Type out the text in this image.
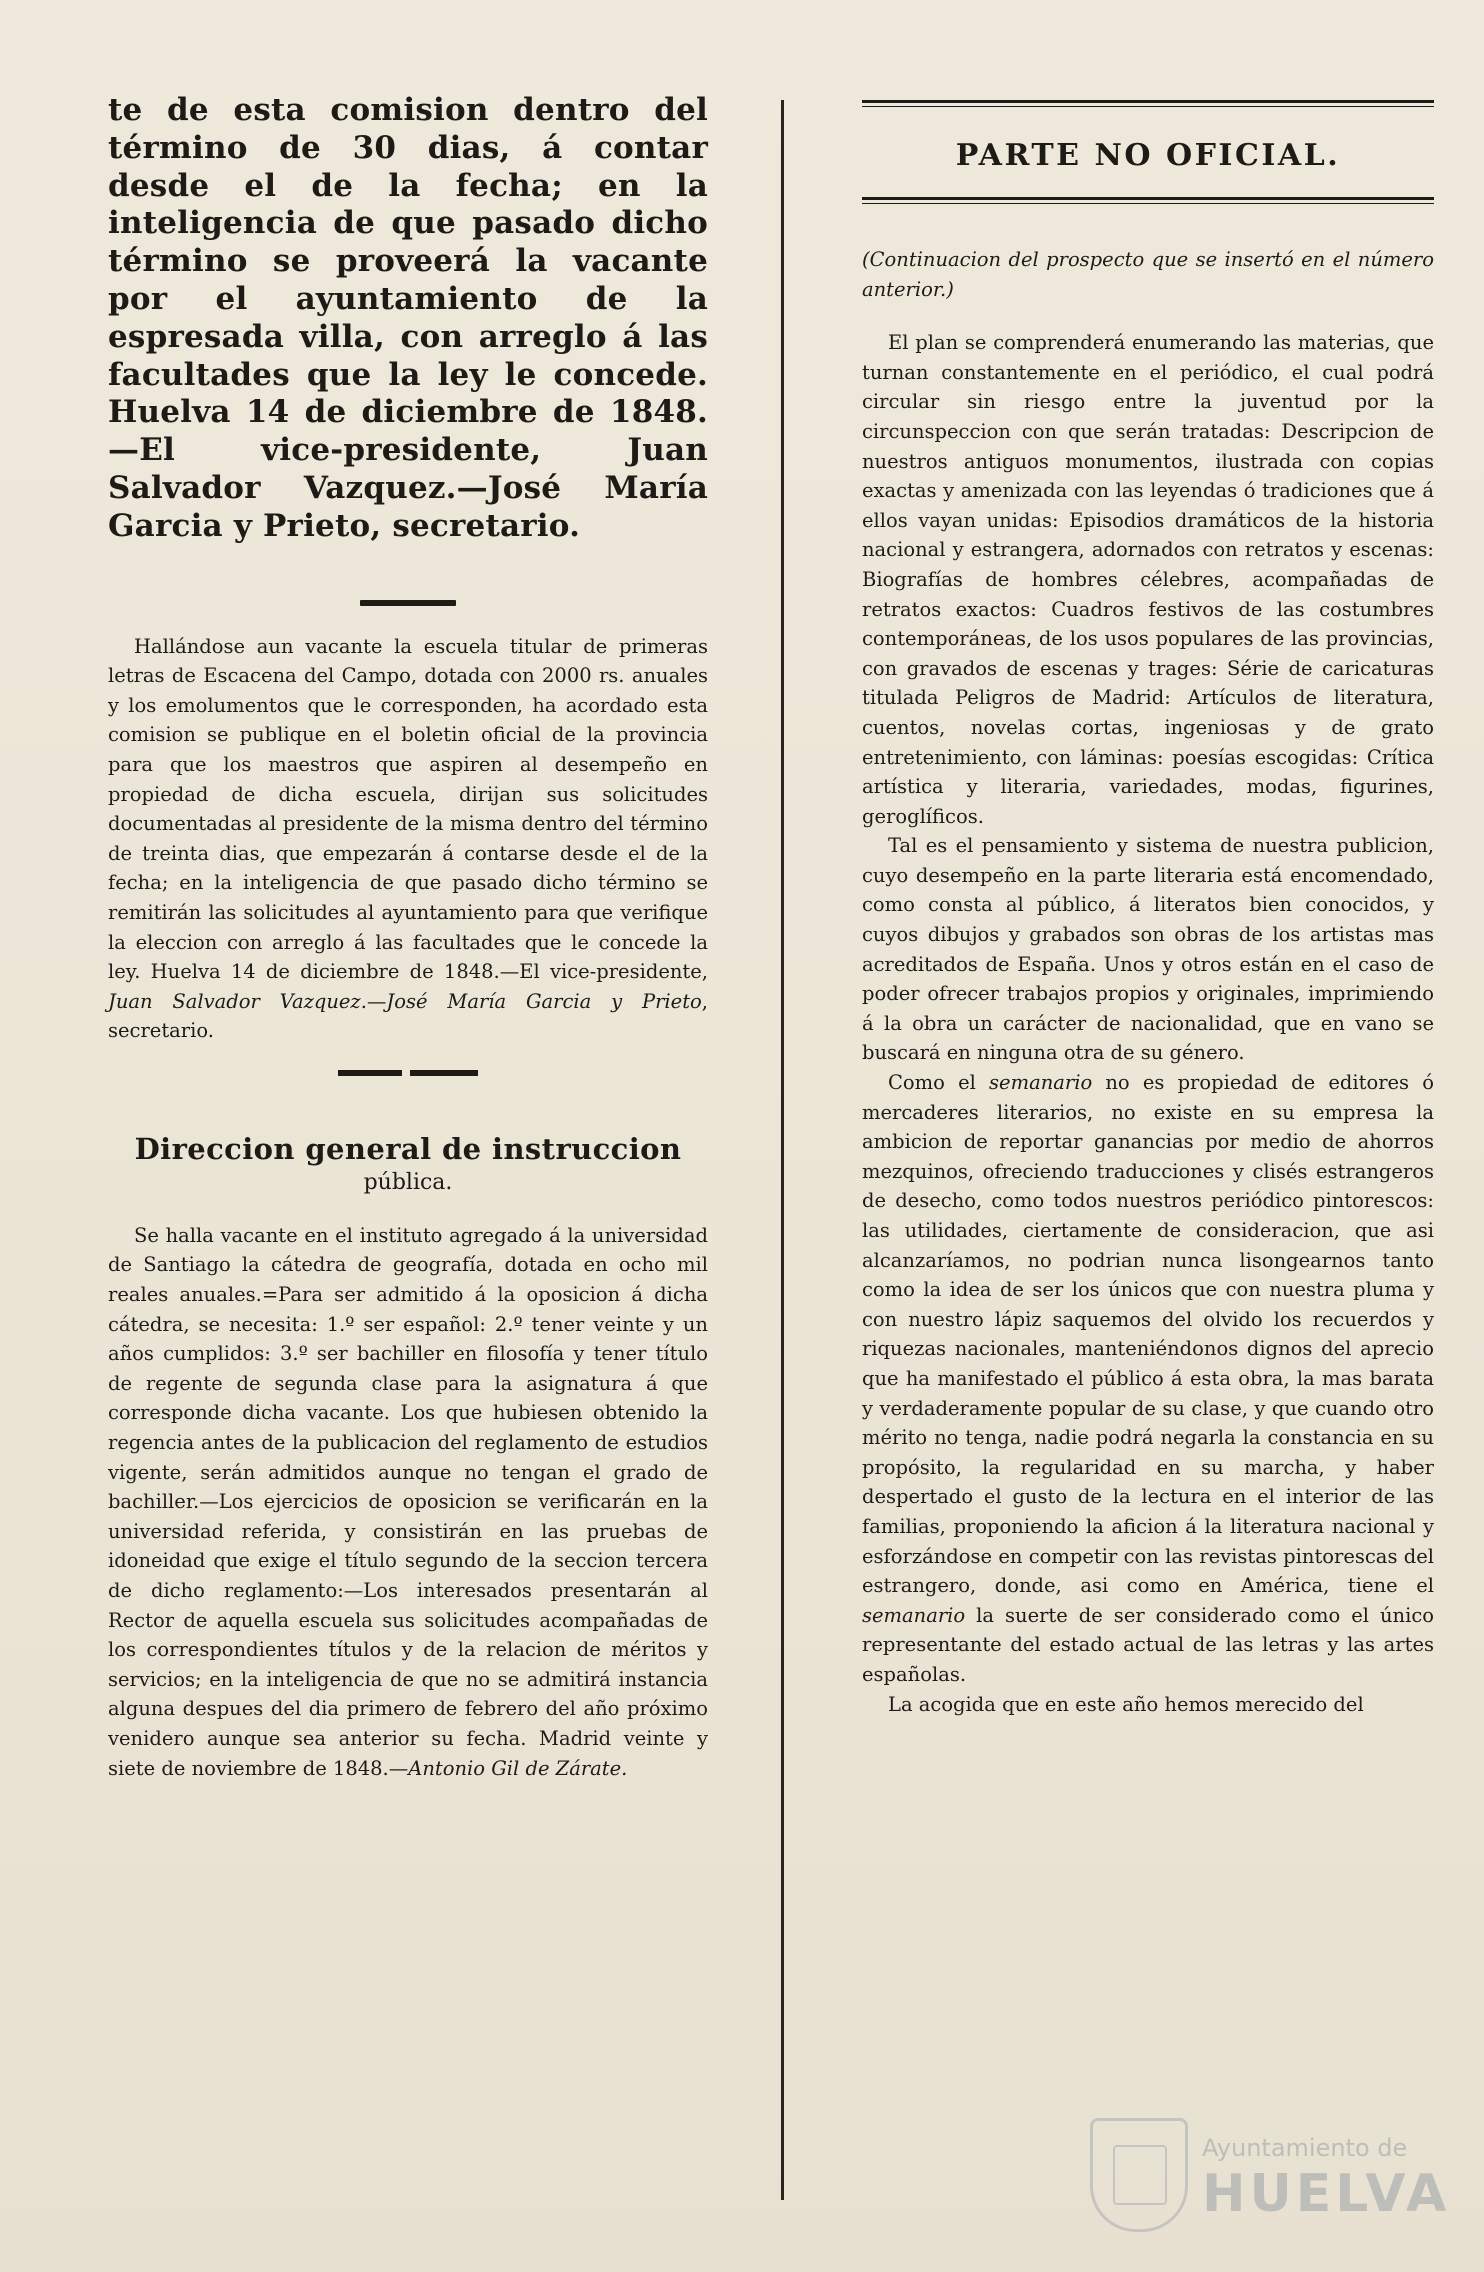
te de esta comision dentro del término de 30 dias, á contar desde el de la fecha; en la inteligencia de que pasado dicho término se proveerá la vacante por el ayuntamiento de la espresada villa, con arreglo á las facultades que la ley le concede. Huelva 14 de diciembre de 1848. —El vice-presidente, Juan Salvador Vazquez.—José María Garcia y Prieto, secretario.

Hallándose aun vacante la escuela titular de primeras letras de Escacena del Campo, dotada con 2000 rs. anuales y los emolumentos que le corresponden, ha acordado esta comision se publique en el boletin oficial de la provincia para que los maestros que aspiren al desempeño en propiedad de dicha escuela, dirijan sus solicitudes documentadas al presidente de la misma dentro del término de treinta dias, que empezarán á contarse desde el de la fecha; en la inteligencia de que pasado dicho término se remitirán las solicitudes al ayuntamiento para que verifique la eleccion con arreglo á las facultades que le concede la ley. Huelva 14 de diciembre de 1848.—El vice-presidente, Juan Salvador Vazquez.—José María Garcia y Prieto, secretario.

Direccion general de instruccion
pública.

Se halla vacante en el instituto agregado á la universidad de Santiago la cátedra de geografía, dotada en ocho mil reales anuales.=Para ser admitido á la oposicion á dicha cátedra, se necesita: 1.º ser español: 2.º tener veinte y un años cumplidos: 3.º ser bachiller en filosofía y tener título de regente de segunda clase para la asignatura á que corresponde dicha vacante. Los que hubiesen obtenido la regencia antes de la publicacion del reglamento de estudios vigente, serán admitidos aunque no tengan el grado de bachiller.—Los ejercicios de oposicion se verificarán en la universidad referida, y consistirán en las pruebas de idoneidad que exige el título segundo de la seccion tercera de dicho reglamento:—Los interesados presentarán al Rector de aquella escuela sus solicitudes acompañadas de los correspondientes títulos y de la relacion de méritos y servicios; en la inteligencia de que no se admitirá instancia alguna despues del dia primero de febrero del año próximo venidero aunque sea anterior su fecha. Madrid veinte y siete de noviembre de 1848.—Antonio Gil de Zárate.

PARTE NO OFICIAL.
(Continuacion del prospecto que se insertó en el número anterior.)

El plan se comprenderá enumerando las materias, que turnan constantemente en el periódico, el cual podrá circular sin riesgo entre la juventud por la circunspeccion con que serán tratadas: Descripcion de nuestros antiguos monumentos, ilustrada con copias exactas y amenizada con las leyendas ó tradiciones que á ellos vayan unidas: Episodios dramáticos de la historia nacional y estrangera, adornados con retratos y escenas: Biografías de hombres célebres, acompañadas de retratos exactos: Cuadros festivos de las costumbres contemporáneas, de los usos populares de las provincias, con gravados de escenas y trages: Série de caricaturas titulada Peligros de Madrid: Artículos de literatura, cuentos, novelas cortas, ingeniosas y de grato entretenimiento, con láminas: poesías escogidas: Crítica artística y literaria, variedades, modas, figurines, geroglíficos.

Tal es el pensamiento y sistema de nuestra publicion, cuyo desempeño en la parte literaria está encomendado, como consta al público, á literatos bien conocidos, y cuyos dibujos y grabados son obras de los artistas mas acreditados de España. Unos y otros están en el caso de poder ofrecer trabajos propios y originales, imprimiendo á la obra un carácter de nacionalidad, que en vano se buscará en ninguna otra de su género.

Como el semanario no es propiedad de editores ó mercaderes literarios, no existe en su empresa la ambicion de reportar ganancias por medio de ahorros mezquinos, ofreciendo traducciones y clisés estrangeros de desecho, como todos nuestros periódico pintorescos: las utilidades, ciertamente de consideracion, que asi alcanzaríamos, no podrian nunca lisongearnos tanto como la idea de ser los únicos que con nuestra pluma y con nuestro lápiz saquemos del olvido los recuerdos y riquezas nacionales, manteniéndonos dignos del aprecio que ha manifestado el público á esta obra, la mas barata y verdaderamente popular de su clase, y que cuando otro mérito no tenga, nadie podrá negarla la constancia en su propósito, la regularidad en su marcha, y haber despertado el gusto de la lectura en el interior de las familias, proponiendo la aficion á la literatura nacional y esforzándose en competir con las revistas pintorescas del estrangero, donde, asi como en América, tiene el semanario la suerte de ser considerado como el único representante del estado actual de las letras y las artes españolas.

La acogida que en este año hemos merecido del

Ayuntamiento de
HUELVA
